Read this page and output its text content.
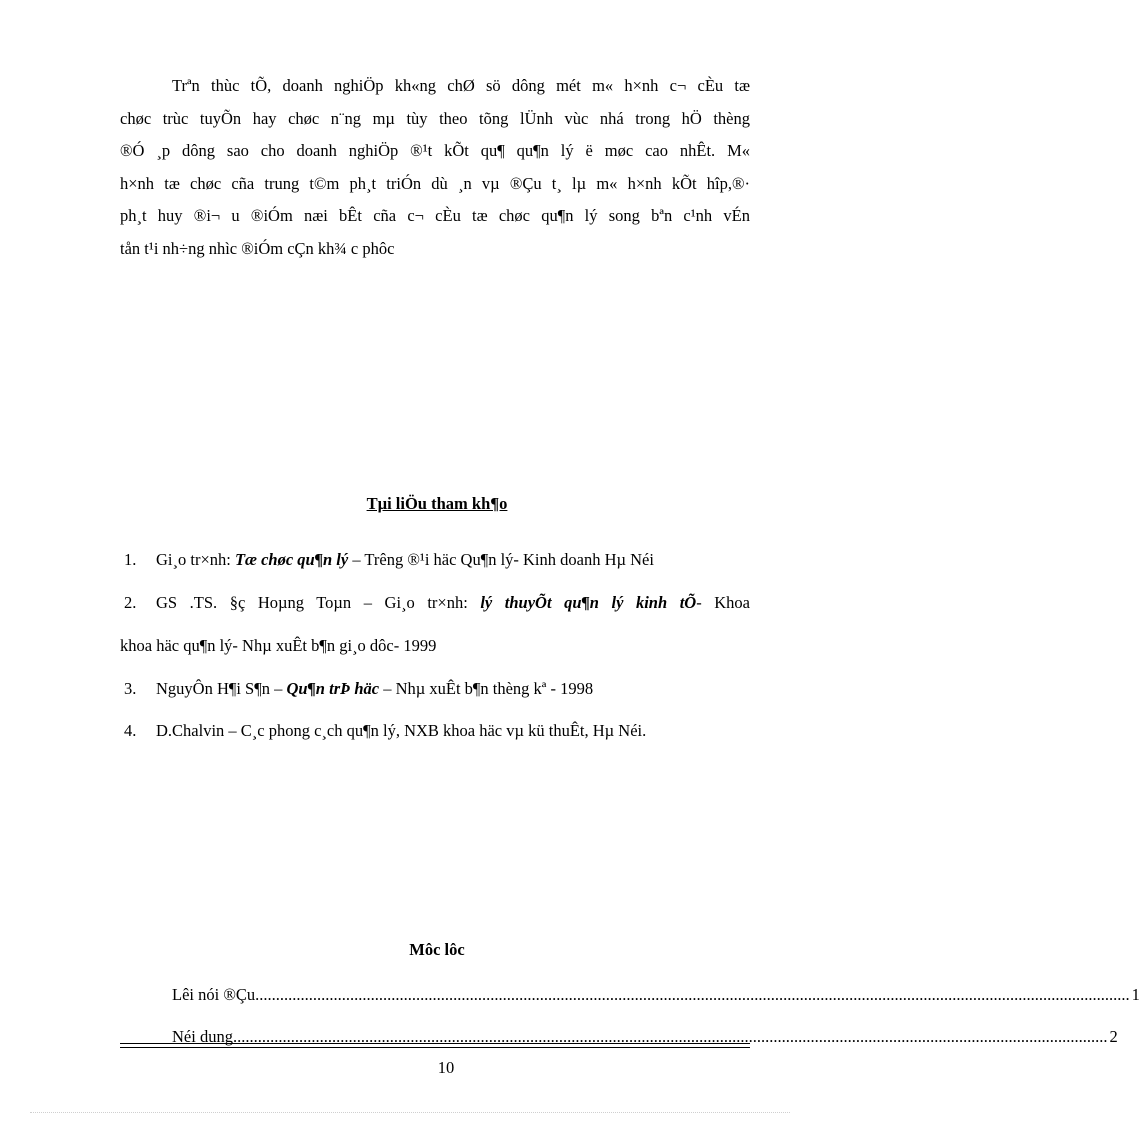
Trªn thùc tÕ, doanh nghiÖp kh«ng chØ sö dông mét m« h×nh c¬ cÈu tæ
chøc trùc tuyÕn hay chøc n¨ng mµ tùy theo tõng lÜnh vùc nhá trong hÖ thèng
®Ó ¸p dông sao cho doanh nghiÖp ®¹t kÕt qu¶ qu¶n lý ë møc cao nhÊt. M«
h×nh tæ chøc cña trung t©m ph¸t triÓn dù ¸n vµ ®Çu t¸ lµ m« h×nh kÕt hîp,®·
ph¸t huy ®i¬ u ®iÓm næi bÊt cña c¬ cÈu tæ chøc qu¶n lý song bªn c¹nh vÉn
tån t¹i nh÷ng nhìc ®iÓm cÇn kh¾ c phôc
Tµi liÖu tham kh¶o
1. Gi¸o tr×nh: Tæ chøc qu¶n lý – Trêng ®¹i häc Qu¶n lý- Kinh doanh Hµ Néi
2. GS .TS. §ç Hoµng Toµn – Gi¸o tr×nh: lý thuyÕt qu¶n lý kinh tÕ- Khoa
khoa häc qu¶n lý- Nhµ xuÊt b¶n gi¸o dôc- 1999
3. NguyÔn H¶i S¶n – Qu¶n trÞ häc – Nhµ xuÊt b¶n thèng kª - 1998
4. D.Chalvin – C¸c phong c¸ch qu¶n lý, NXB khoa häc vµ kü thuÊt, Hµ Néi.
Môc lôc
Lêi nói ®Çu .................................................................................................................................................................................................................... 1
Néi dung .................................................................................................................................................................................................................... 2
10
